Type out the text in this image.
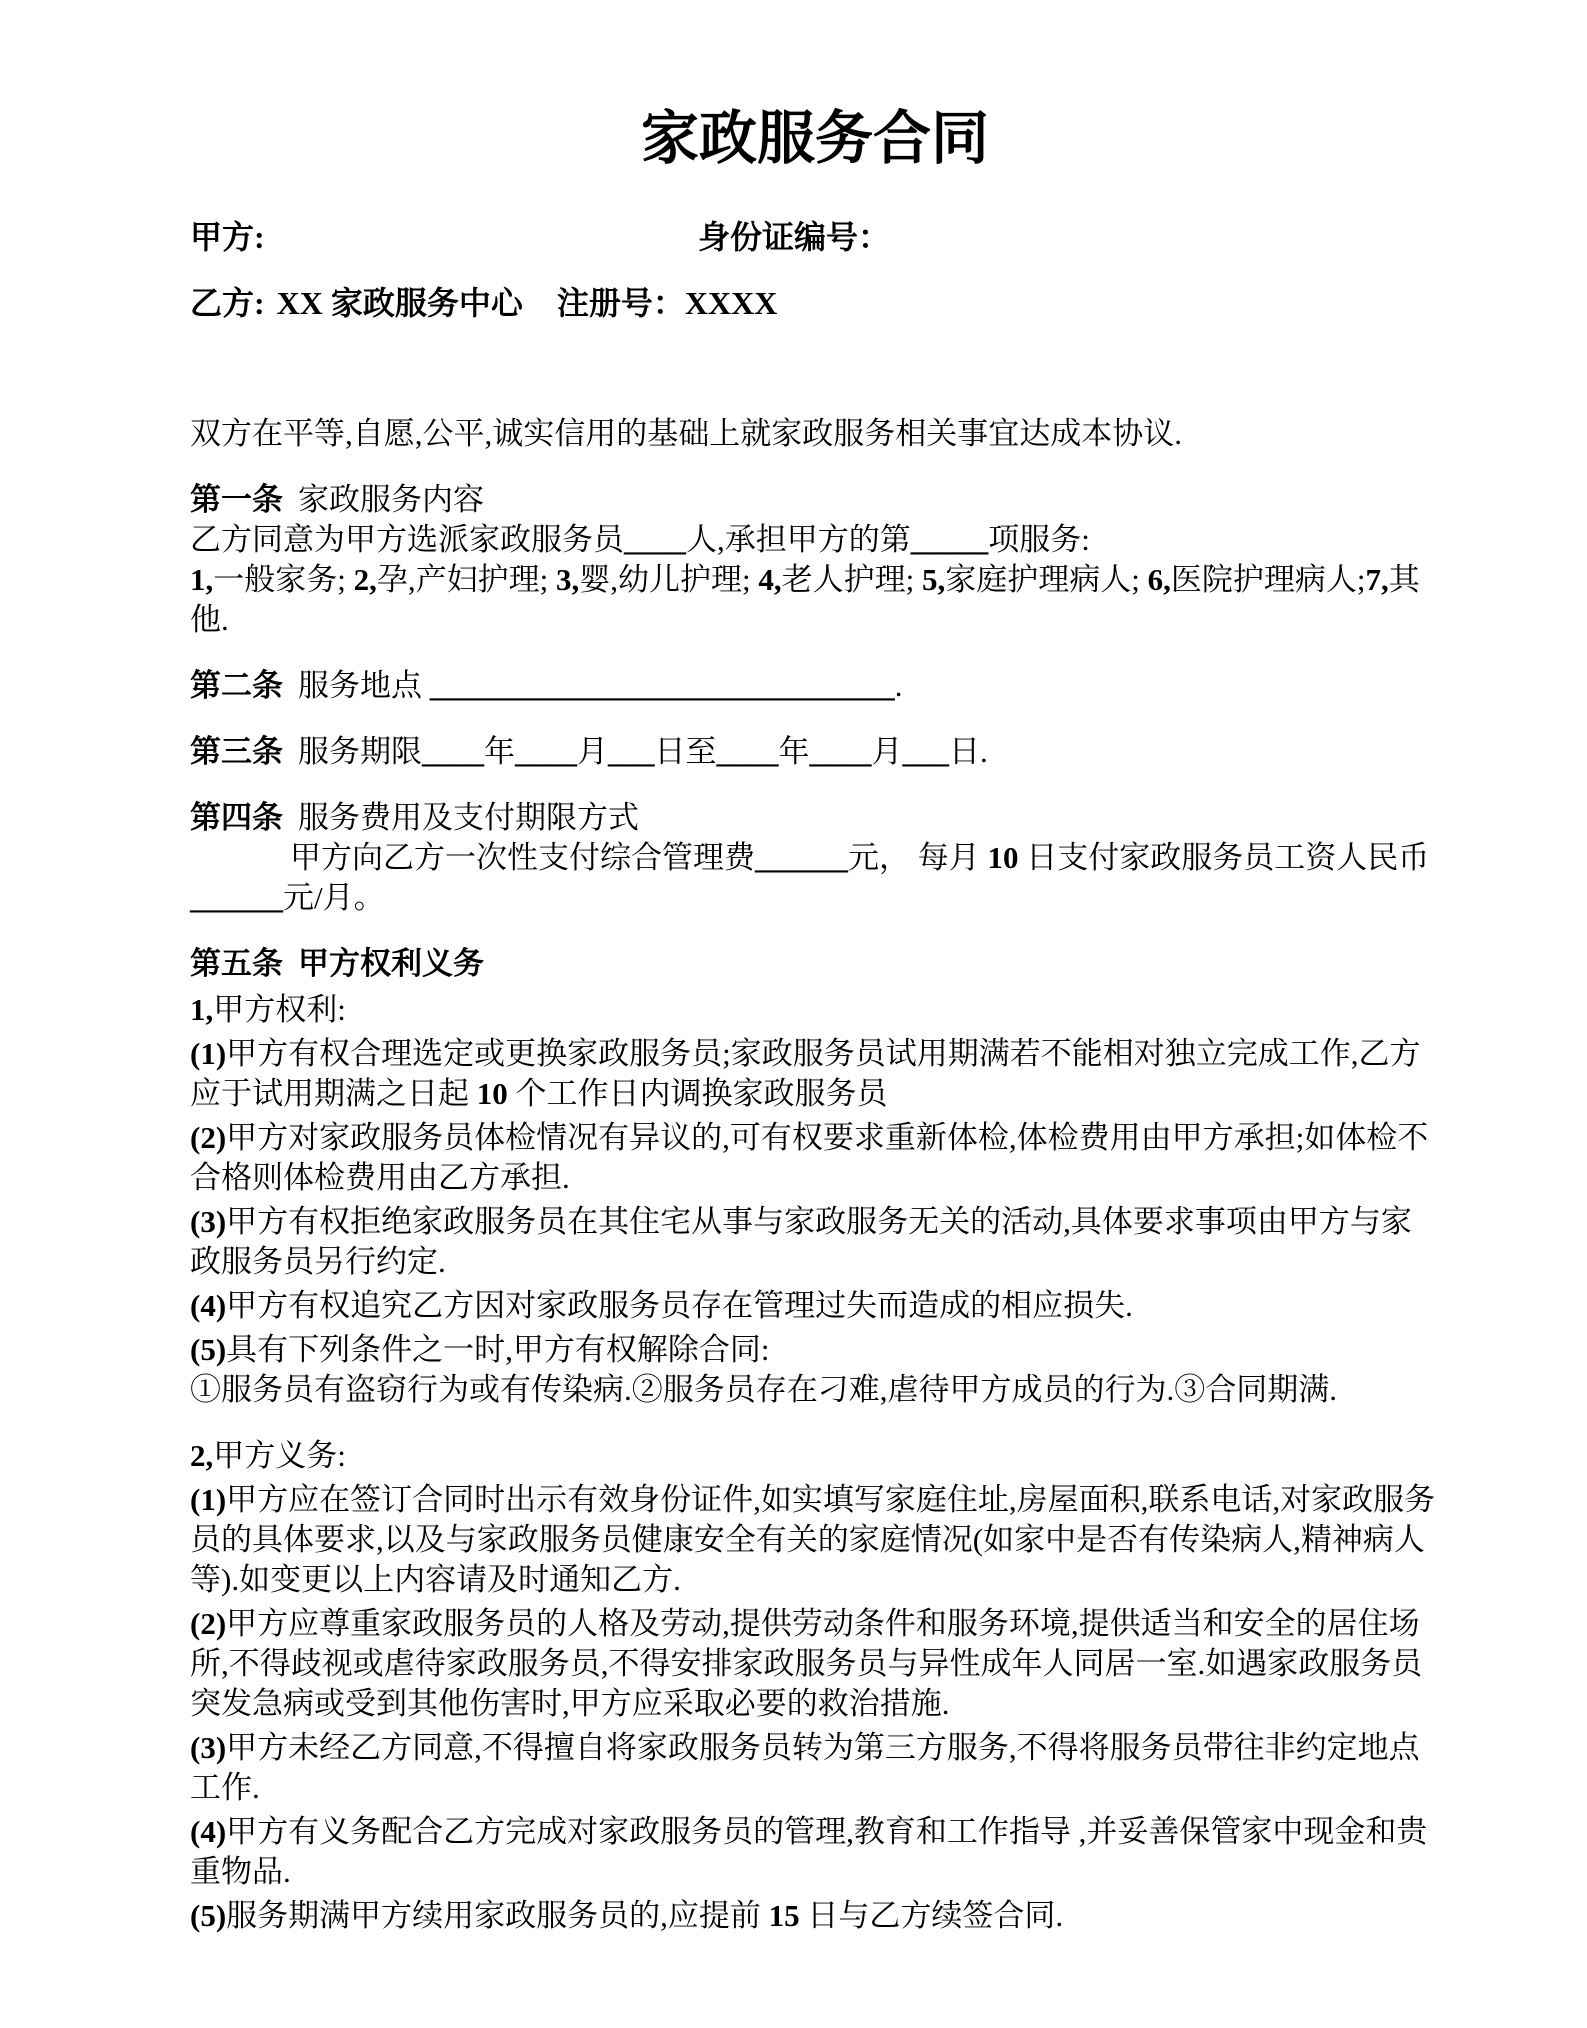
家政服务合同
甲方:	身份证编号：
乙方: XX 家政服务中心 注册号：XXXX

双方在平等,自愿,公平,诚实信用的基础上就家政服务相关事宜达成本协议.

第一条 家政服务内容

乙方同意为甲方选派家政服务员____人,承担甲方的第_____项服务:

1,一般家务; 2,孕,产妇护理; 3,婴,幼儿护理; 4,老人护理; 5,家庭护理病人; 6,医院护理病人;7,其他.

第二条 服务地点 ______________________________.

第三条 服务期限____年____月___日至____年____月___日.

第四条 服务费用及支付期限方式

甲方向乙方一次性支付综合管理费______元， 每月 10 日支付家政服务员工资人民币______元/月。

第五条 甲方权利义务

1,甲方权利:

(1)甲方有权合理选定或更换家政服务员;家政服务员试用期满若不能相对独立完成工作,乙方应于试用期满之日起 10 个工作日内调换家政服务员

(2)甲方对家政服务员体检情况有异议的,可有权要求重新体检,体检费用由甲方承担;如体检不合格则体检费用由乙方承担.

(3)甲方有权拒绝家政服务员在其住宅从事与家政服务无关的活动,具体要求事项由甲方与家政服务员另行约定.

(4)甲方有权追究乙方因对家政服务员存在管理过失而造成的相应损失.

(5)具有下列条件之一时,甲方有权解除合同:

①服务员有盗窃行为或有传染病.②服务员存在刁难,虐待甲方成员的行为.③合同期满.

2,甲方义务:

(1)甲方应在签订合同时出示有效身份证件,如实填写家庭住址,房屋面积,联系电话,对家政服务员的具体要求,以及与家政服务员健康安全有关的家庭情况(如家中是否有传染病人,精神病人等).如变更以上内容请及时通知乙方.

(2)甲方应尊重家政服务员的人格及劳动,提供劳动条件和服务环境,提供适当和安全的居住场所,不得歧视或虐待家政服务员,不得安排家政服务员与异性成年人同居一室.如遇家政服务员突发急病或受到其他伤害时,甲方应采取必要的救治措施.

(3)甲方未经乙方同意,不得擅自将家政服务员转为第三方服务,不得将服务员带往非约定地点工作.

(4)甲方有义务配合乙方完成对家政服务员的管理,教育和工作指导 ,并妥善保管家中现金和贵重物品.

(5)服务期满甲方续用家政服务员的,应提前 15 日与乙方续签合同.
